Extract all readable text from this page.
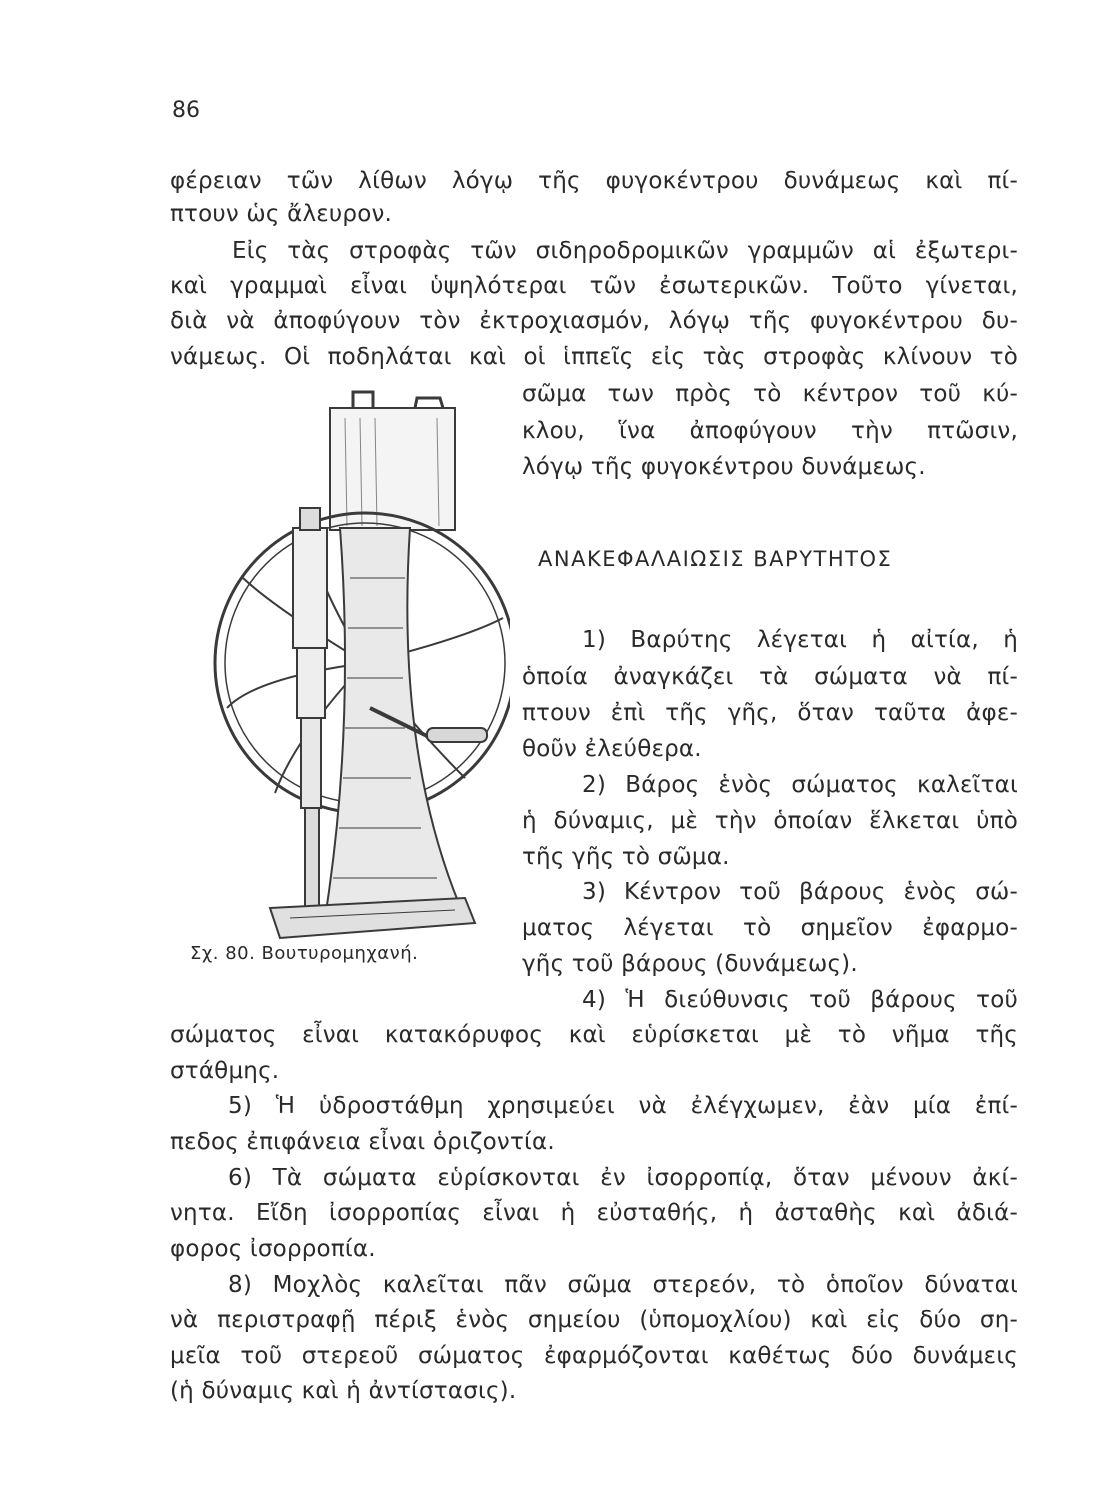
86
φέρειαν τῶν λίθων λόγῳ τῆς φυγοκέντρου δυνάμεως καὶ πί-
πτουν ὡς ἄλευρον.
Εἰς τὰς στροφὰς τῶν σιδηροδρομικῶν γραμμῶν αἱ ἐξωτερι-
καὶ γραμμαὶ εἶναι ὑψηλότεραι τῶν ἐσωτερικῶν. Τοῦτο γίνεται,
διὰ νὰ ἀποφύγουν τὸν ἐκτροχιασμόν, λόγῳ τῆς φυγοκέντρου δυ-
νάμεως. Οἱ ποδηλάται καὶ οἱ ἱππεῖς εἰς τὰς στροφὰς κλίνουν τὸ
σῶμα των πρὸς τὸ κέντρον τοῦ κύ-
κλου, ἵνα ἀποφύγουν τὴν πτῶσιν,
λόγῳ τῆς φυγοκέντρου δυνάμεως.
ΑΝΑΚΕΦΑΛΑΙΩΣΙΣ ΒΑΡΥΤΗΤΟΣ
1) Βαρύτης λέγεται ἡ αἰτία, ἡ
ὁποία ἀναγκάζει τὰ σώματα νὰ πί-
πτουν ἐπὶ τῆς γῆς, ὅταν ταῦτα ἀφε-
θοῦν ἐλεύθερα.
2) Βάρος ἑνὸς σώματος καλεῖται
ἡ δύναμις, μὲ τὴν ὁποίαν ἕλκεται ὑπὸ
τῆς γῆς τὸ σῶμα.
3) Κέντρον τοῦ βάρους ἑνὸς σώ-
ματος λέγεται τὸ σημεῖον ἐφαρμο-
Σχ. 80. Βουτυρομηχανή.	γῆς τοῦ βάρους (δυνάμεως).
4) Ἡ διεύθυνσις τοῦ βάρους τοῦ
σώματος εἶναι κατακόρυφος καὶ εὑρίσκεται μὲ τὸ νῆμα τῆς
στάθμης.
5) Ἡ ὑδροστάθμη χρησιμεύει νὰ ἐλέγχωμεν, ἐὰν μία ἐπί-
πεδος ἐπιφάνεια εἶναι ὁριζοντία.
6) Τὰ σώματα εὑρίσκονται ἐν ἰσορροπίᾳ, ὅταν μένουν ἀκί-
νητα. Εἴδη ἰσορροπίας εἶναι ἡ εὐσταθής, ἡ ἀσταθὴς καὶ ἀδιά-
φορος ἰσορροπία.
8) Μοχλὸς καλεῖται πᾶν σῶμα στερεόν, τὸ ὁποῖον δύναται
νὰ περιστραφῇ πέριξ ἑνὸς σημείου (ὑπομοχλίου) καὶ εἰς δύο ση-
μεῖα τοῦ στερεοῦ σώματος ἐφαρμόζονται καθέτως δύο δυνάμεις
(ἡ δύναμις καὶ ἡ ἀντίστασις).
